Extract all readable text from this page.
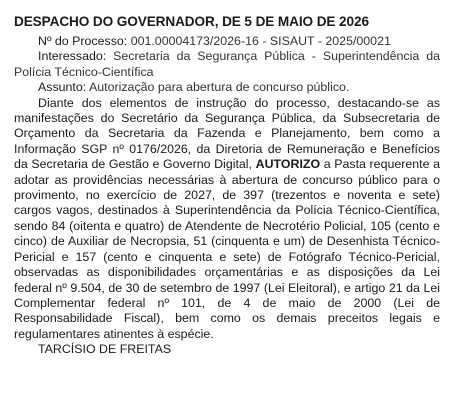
DESPACHO DO GOVERNADOR, DE 5 DE MAIO DE 2026

Nº do Processo: 001.00004173/2026-16 - SISAUT - 2025/00021

Interessado: Secretaria da Segurança Pública - Superintendência da Polícia Técnico-Científica

Assunto: Autorização para abertura de concurso público.

Diante dos elementos de instrução do processo, destacando-se as manifestações do Secretário da Segurança Pública, da Subsecretaria de Orçamento da Secretaria da Fazenda e Planejamento, bem como a Informação SGP nº 0176/2026, da Diretoria de Remuneração e Benefícios da Secretaria de Gestão e Governo Digital, AUTORIZO a Pasta requerente a adotar as providências necessárias à abertura de concurso público para o provimento, no exercício de 2027, de 397 (trezentos e noventa e sete) cargos vagos, destinados à Superintendência da Polícia Técnico-Científica, sendo 84 (oitenta e quatro) de Atendente de Necrotério Policial, 105 (cento e cinco) de Auxiliar de Necropsia, 51 (cinquenta e um) de Desenhista Técnico-Pericial e 157 (cento e cinquenta e sete) de Fotógrafo Técnico-Pericial, observadas as disponibilidades orçamentárias e as disposições da Lei federal nº 9.504, de 30 de setembro de 1997 (Lei Eleitoral), e artigo 21 da Lei Complementar federal nº 101, de 4 de maio de 2000 (Lei de Responsabilidade Fiscal), bem como os demais preceitos legais e regulamentares atinentes à espécie.

TARCÍSIO DE FREITAS
